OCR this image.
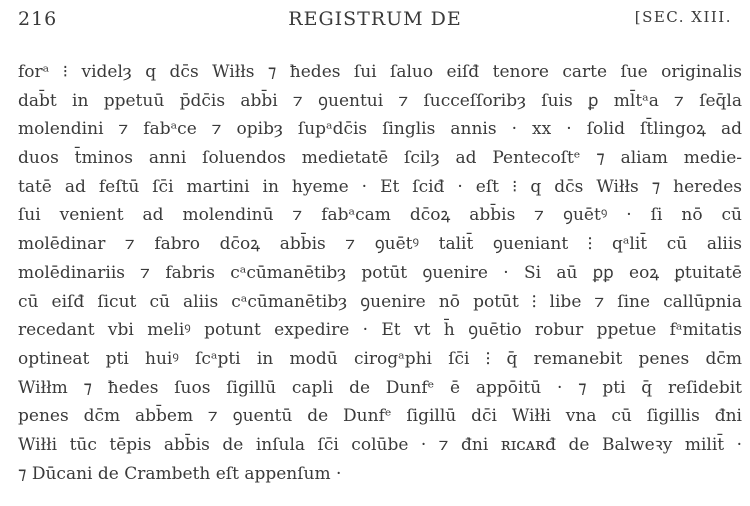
216	REGISTRUM DE	[SEC. XIII.
forᵃ ⁝ videlȝ q dc̄s Wiłłs ⁊ ħedes ſui ſaluo eiſđ tenore carte ſue originalis
dab̄t in ppetuū p̄dc̄is abb̄i ⁊ ꝯuentui ⁊ ſucceſſoribȝ ſuis ꝑ ml̄tᵃa ⁊ ſeq̄la
molendini ⁊ fabᵃce ⁊ opibȝ ſupᵃdc̄is ſinglis annis · xx · ſolid ſt̄lingoꝝ ad
duos t̄minos anni ſoluendos medietatē ſcilȝ ad Pentecoſtᵉ ⁊ aliam medie-
tatē ad feſtū ſc̄i martini in hyeme · Et ſciđ · eſt ⁝ q dc̄s Wiłłs ⁊ heredes
ſui venient ad molendinū ⁊ fabᵃcam dc̄oꝝ abb̄is ⁊ ꝯuētꝰ · ſi nō cū
molēdinar ⁊ fabro dc̄oꝝ abb̄is ⁊ ꝯuētꝰ talit̄ ꝯueniant ⁝ qᵃlit̄ cū aliis
molēdinariis ⁊ fabris cᵃcūmanētibȝ potūt ꝯuenire · Si aū ꝑꝑ eoꝝ ꝑtuitatē
cū eiſđ ſicut cū aliis cᵃcūmanētibȝ ꝯuenire nō potūt ⁝ libe ⁊ ſine callūpnia
recedant vbi meliꝰ potunt expedire · Et vt h̄ ꝯuētio robur ppetue fᵃmitatis
optineat pti huiꝰ ſcᵃpti in modū cirogᵃphi ſc̄i ⁝ q̄ remanebit penes dc̄m
Wiłłm ⁊ ħedes ſuos ſigillū capli de Dunfᵉ ē appōitū · ⁊ pti q̄ reſidebit
penes dc̄m abb̄em ⁊ ꝯuentū de Dunfᵉ ſigillū dc̄i Wiłłi vna cū ſigillis đni
Wiłłi tūc tēpis abb̄is de inſula ſc̄i colūbe · ⁊ đni ʀɪᴄᴀʀđ de Balweꝛy milit̄ ·
⁊ Dūcani de Crambeth eſt appenſum ·
